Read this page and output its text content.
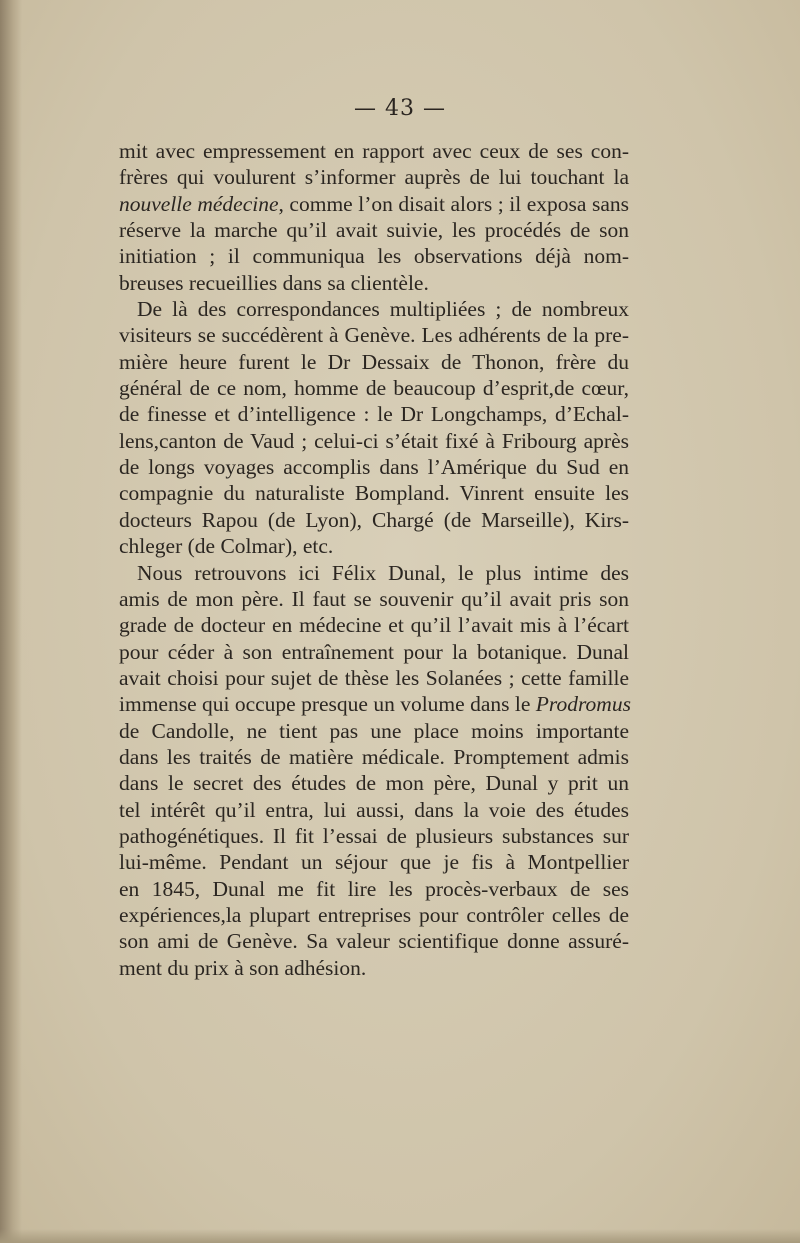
— 43 —
mit avec empressement en rapport avec ceux de ses con-
frères qui voulurent s’informer auprès de lui touchant la
nouvelle médecine, comme l’on disait alors ; il exposa sans
réserve la marche qu’il avait suivie, les procédés de son
initiation ; il communiqua les observations déjà nom-
breuses recueillies dans sa clientèle.
De là des correspondances multipliées ; de nombreux
visiteurs se succédèrent à Genève. Les adhérents de la pre-
mière heure furent le Dr Dessaix de Thonon, frère du
général de ce nom, homme de beaucoup d’esprit,de cœur,
de finesse et d’intelligence : le Dr Longchamps, d’Echal-
lens,canton de Vaud ; celui-ci s’était fixé à Fribourg après
de longs voyages accomplis dans l’Amérique du Sud en
compagnie du naturaliste Bompland. Vinrent ensuite les
docteurs Rapou (de Lyon), Chargé (de Marseille), Kirs-
chleger (de Colmar), etc.
Nous retrouvons ici Félix Dunal, le plus intime des
amis de mon père. Il faut se souvenir qu’il avait pris son
grade de docteur en médecine et qu’il l’avait mis à l’écart
pour céder à son entraînement pour la botanique. Dunal
avait choisi pour sujet de thèse les Solanées ; cette famille
immense qui occupe presque un volume dans le Prodromus
de Candolle, ne tient pas une place moins importante
dans les traités de matière médicale. Promptement admis
dans le secret des études de mon père, Dunal y prit un
tel intérêt qu’il entra, lui aussi, dans la voie des études
pathogénétiques. Il fit l’essai de plusieurs substances sur
lui-même. Pendant un séjour que je fis à Montpellier
en 1845, Dunal me fit lire les procès-verbaux de ses
expériences,la plupart entreprises pour contrôler celles de
son ami de Genève. Sa valeur scientifique donne assuré-
ment du prix à son adhésion.
